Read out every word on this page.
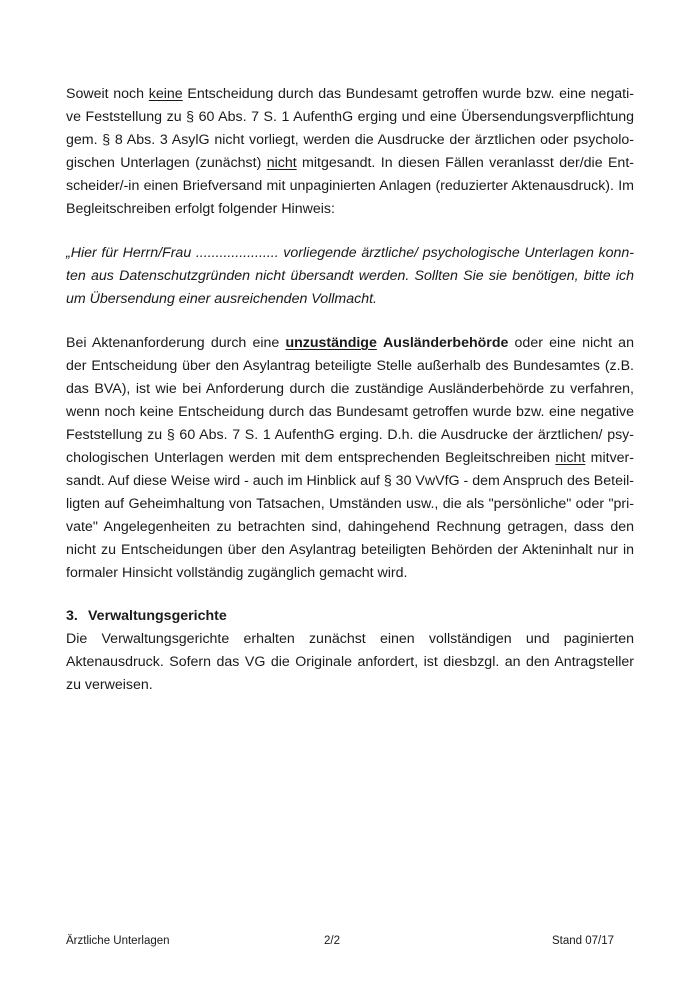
Soweit noch keine Entscheidung durch das Bundesamt getroffen wurde bzw. eine negati-
ve Feststellung zu § 60 Abs. 7 S. 1 AufenthG erging und eine Übersendungsverpflichtung
gem. § 8 Abs. 3 AsylG nicht vorliegt, werden die Ausdrucke der ärztlichen oder psycholo-
gischen Unterlagen (zunächst) nicht mitgesandt. In diesen Fällen veranlasst der/die Ent-
scheider/-in einen Briefversand mit unpaginierten Anlagen (reduzierter Aktenausdruck). Im
Begleitschreiben erfolgt folgender Hinweis:
„Hier für Herrn/Frau ..................... vorliegende ärztliche/ psychologische Unterlagen konn-
ten aus Datenschutzgründen nicht übersandt werden. Sollten Sie sie benötigen, bitte ich
um Übersendung einer ausreichenden Vollmacht.
Bei Aktenanforderung durch eine unzuständige Ausländerbehörde oder eine nicht an
der Entscheidung über den Asylantrag beteiligte Stelle außerhalb des Bundesamtes (z.B.
das BVA), ist wie bei Anforderung durch die zuständige Ausländerbehörde zu verfahren,
wenn noch keine Entscheidung durch das Bundesamt getroffen wurde bzw. eine negative
Feststellung zu § 60 Abs. 7 S. 1 AufenthG erging. D.h. die Ausdrucke der ärztlichen/ psy-
chologischen Unterlagen werden mit dem entsprechenden Begleitschreiben nicht mitver-
sandt. Auf diese Weise wird - auch im Hinblick auf § 30 VwVfG - dem Anspruch des Beteil-
ligten auf Geheimhaltung von Tatsachen, Umständen usw., die als "persönliche" oder "pri-
vate" Angelegenheiten zu betrachten sind, dahingehend Rechnung getragen, dass den
nicht zu Entscheidungen über den Asylantrag beteiligten Behörden der Akteninhalt nur in
formaler Hinsicht vollständig zugänglich gemacht wird.
3. Verwaltungsgerichte
Die Verwaltungsgerichte erhalten zunächst einen vollständigen und paginierten
Aktenausdruck. Sofern das VG die Originale anfordert, ist diesbzgl. an den Antragsteller
zu verweisen.
Ärztliche Unterlagen	2/2	Stand 07/17
